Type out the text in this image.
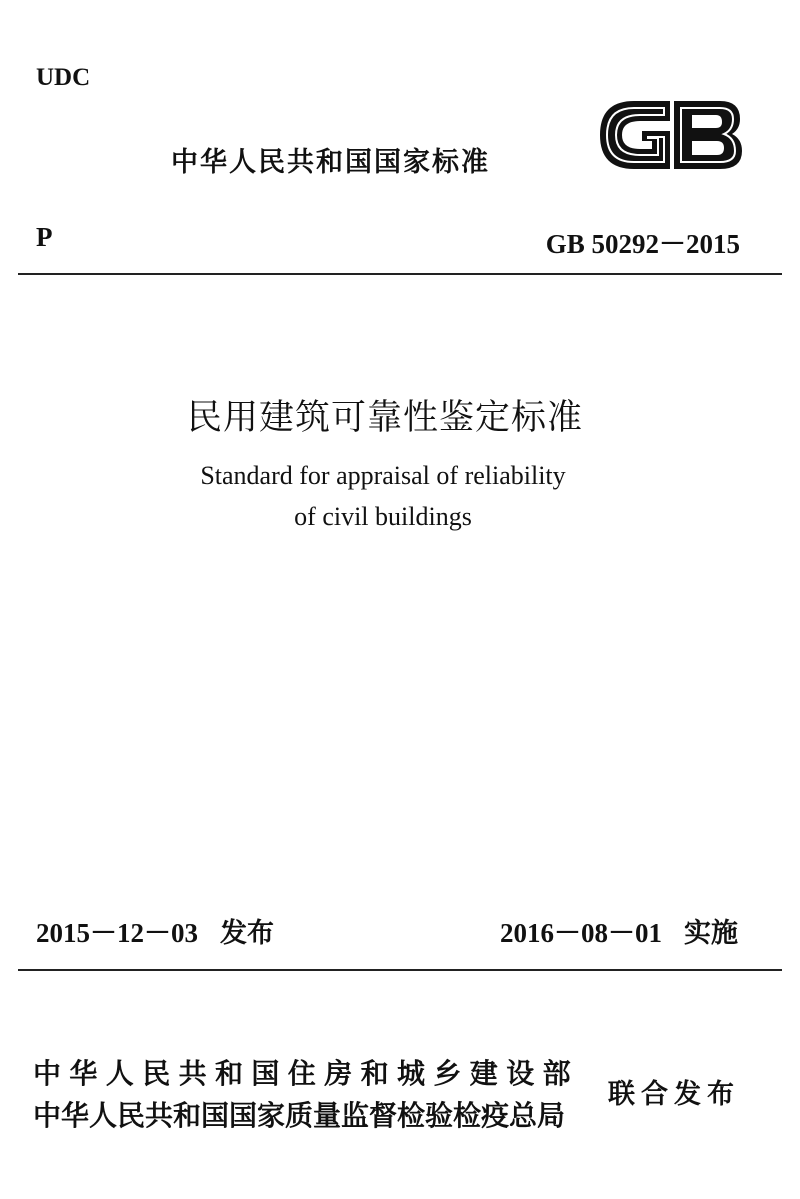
UDC
中华人民共和国国家标准
P	GB 50292－2015
民用建筑可靠性鉴定标准
Standard for appraisal of reliability
of civil buildings
2015－12－03 发布	2016－08－01 实施
中华人民共和国住房和城乡建设部
中华人民共和国国家质量监督检验检疫总局
联合发布
